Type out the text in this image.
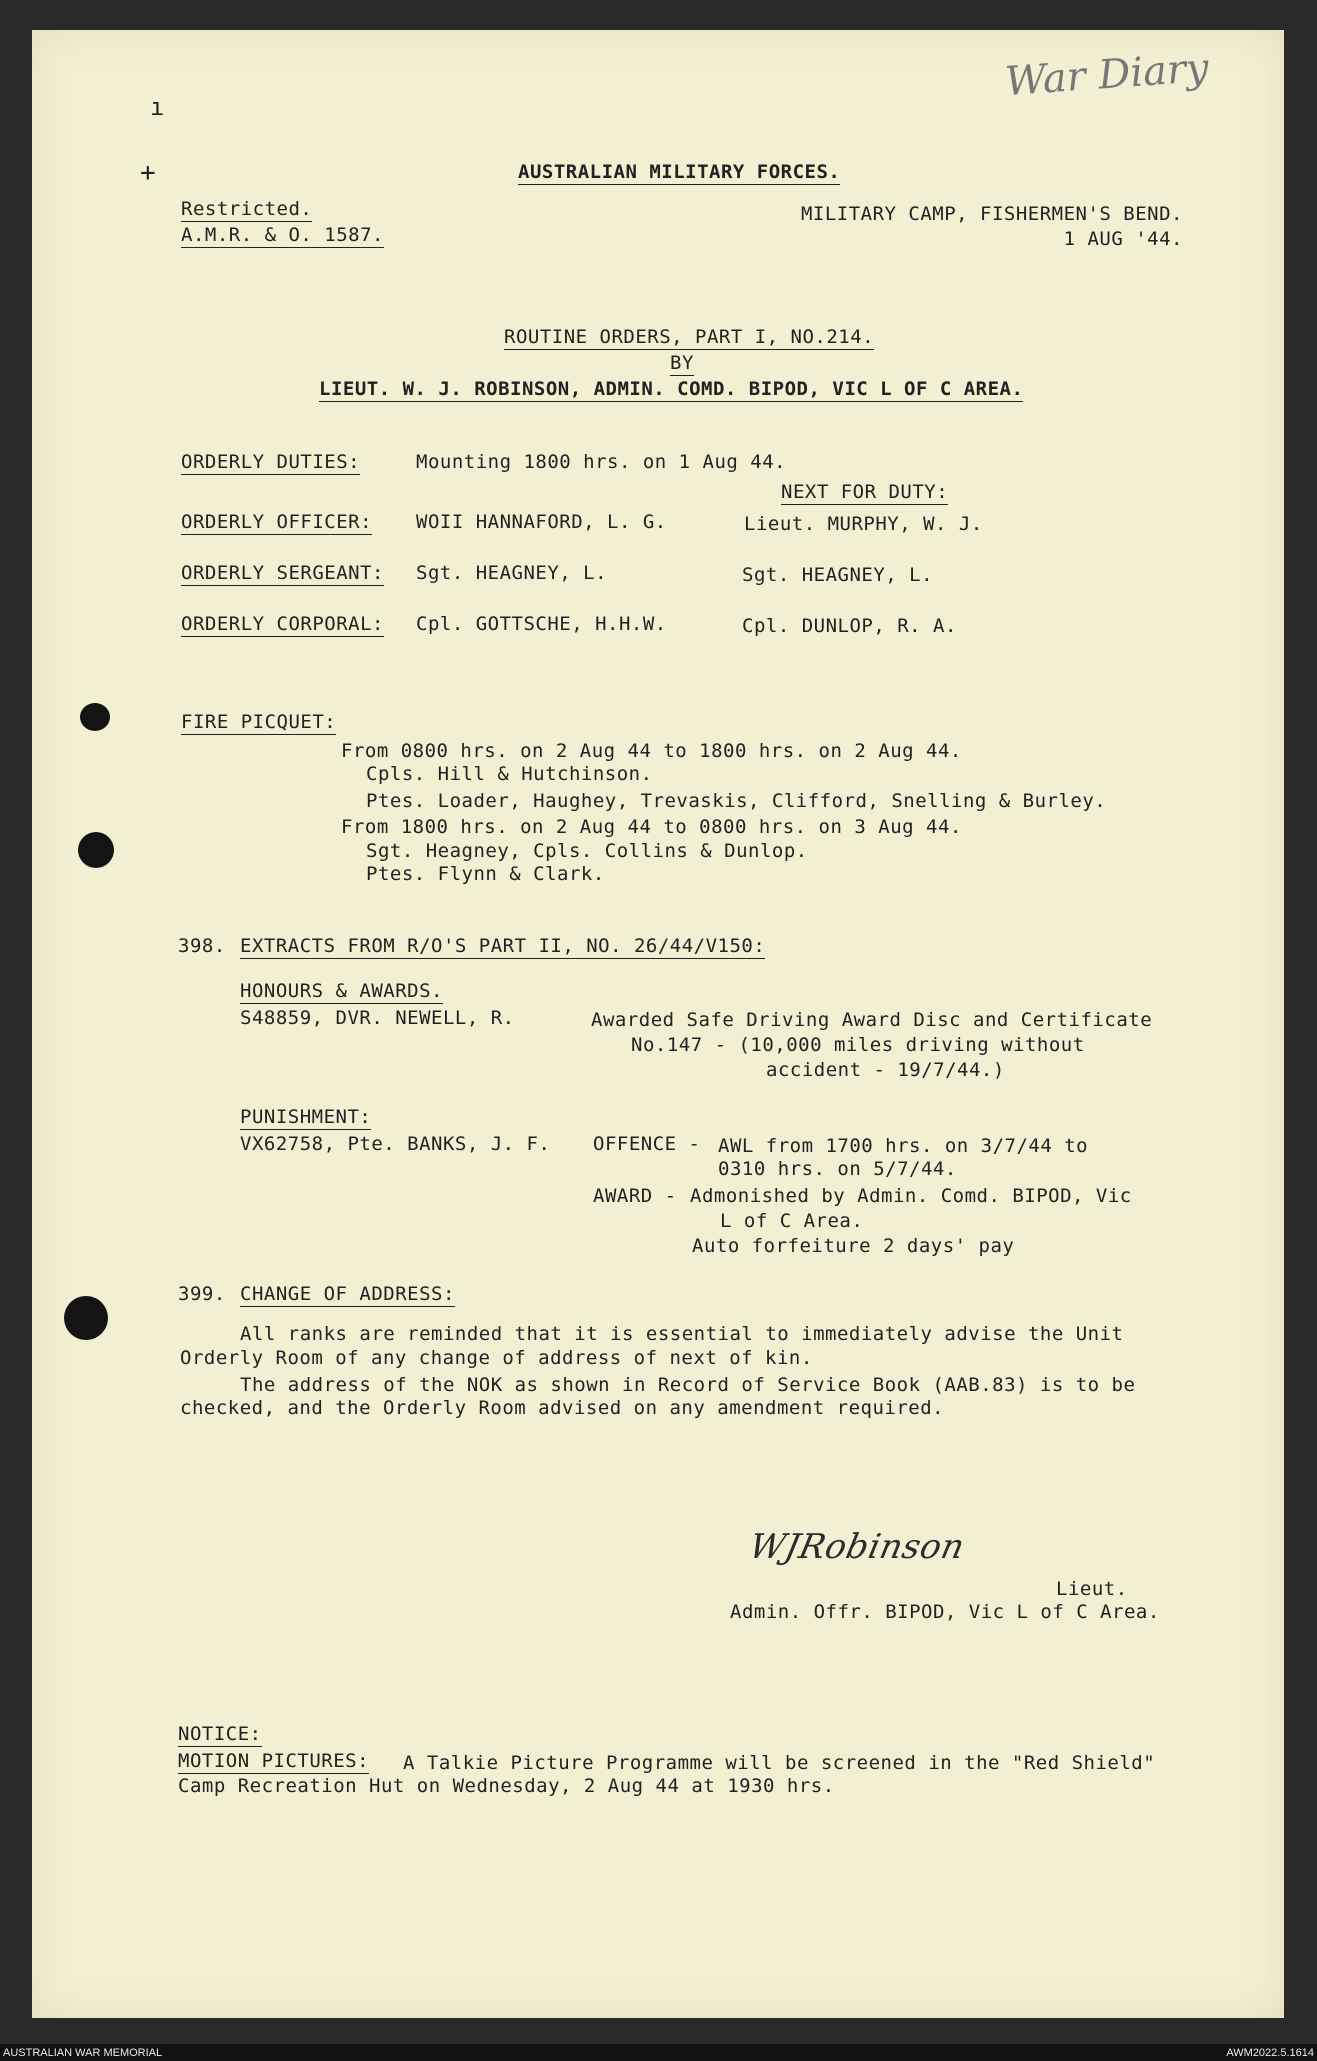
War Diary
ı
+	AUSTRALIAN MILITARY FORCES.
Restricted.
A.M.R. & O. 1587.
MILITARY CAMP, FISHERMEN'S BEND.
1 AUG '44.
ROUTINE ORDERS, PART I, NO.214.
BY
LIEUT. W. J. ROBINSON, ADMIN. COMD. BIPOD, VIC L OF C AREA.
ORDERLY DUTIES:	Mounting 1800 hrs. on 1 Aug 44.
NEXT FOR DUTY:
ORDERLY OFFICER: WOII HANNAFORD, L. G.	Lieut. MURPHY, W. J.
ORDERLY SERGEANT: Sgt. HEAGNEY, L.	Sgt. HEAGNEY, L.
ORDERLY CORPORAL: Cpl. GOTTSCHE, H.H.W.	Cpl. DUNLOP, R. A.
FIRE PICQUET:
From 0800 hrs. on 2 Aug 44 to 1800 hrs. on 2 Aug 44.
Cpls. Hill & Hutchinson.
Ptes. Loader, Haughey, Trevaskis, Clifford, Snelling & Burley.
From 1800 hrs. on 2 Aug 44 to 0800 hrs. on 3 Aug 44.
Sgt. Heagney, Cpls. Collins & Dunlop.
Ptes. Flynn & Clark.
398. EXTRACTS FROM R/O'S PART II, NO. 26/44/V150:
HONOURS & AWARDS.
S48859, DVR. NEWELL, R.	Awarded Safe Driving Award Disc and Certificate
No.147 - (10,000 miles driving without
accident - 19/7/44.)
PUNISHMENT:
VX62758, Pte. BANKS, J. F. OFFENCE - AWL from 1700 hrs. on 3/7/44 to
0310 hrs. on 5/7/44.
AWARD - Admonished by Admin. Comd. BIPOD, Vic
L of C Area.
Auto forfeiture 2 days' pay
399. CHANGE OF ADDRESS:
All ranks are reminded that it is essential to immediately advise the Unit
Orderly Room of any change of address of next of kin.
The address of the NOK as shown in Record of Service Book (AAB.83) is to be
checked, and the Orderly Room advised on any amendment required.
WJRobinson
Lieut.
Admin. Offr. BIPOD, Vic L of C Area.
NOTICE:
MOTION PICTURES: A Talkie Picture Programme will be screened in the "Red Shield"
Camp Recreation Hut on Wednesday, 2 Aug 44 at 1930 hrs.
AUSTRALIAN WAR MEMORIAL	AWM2022.5.1614
